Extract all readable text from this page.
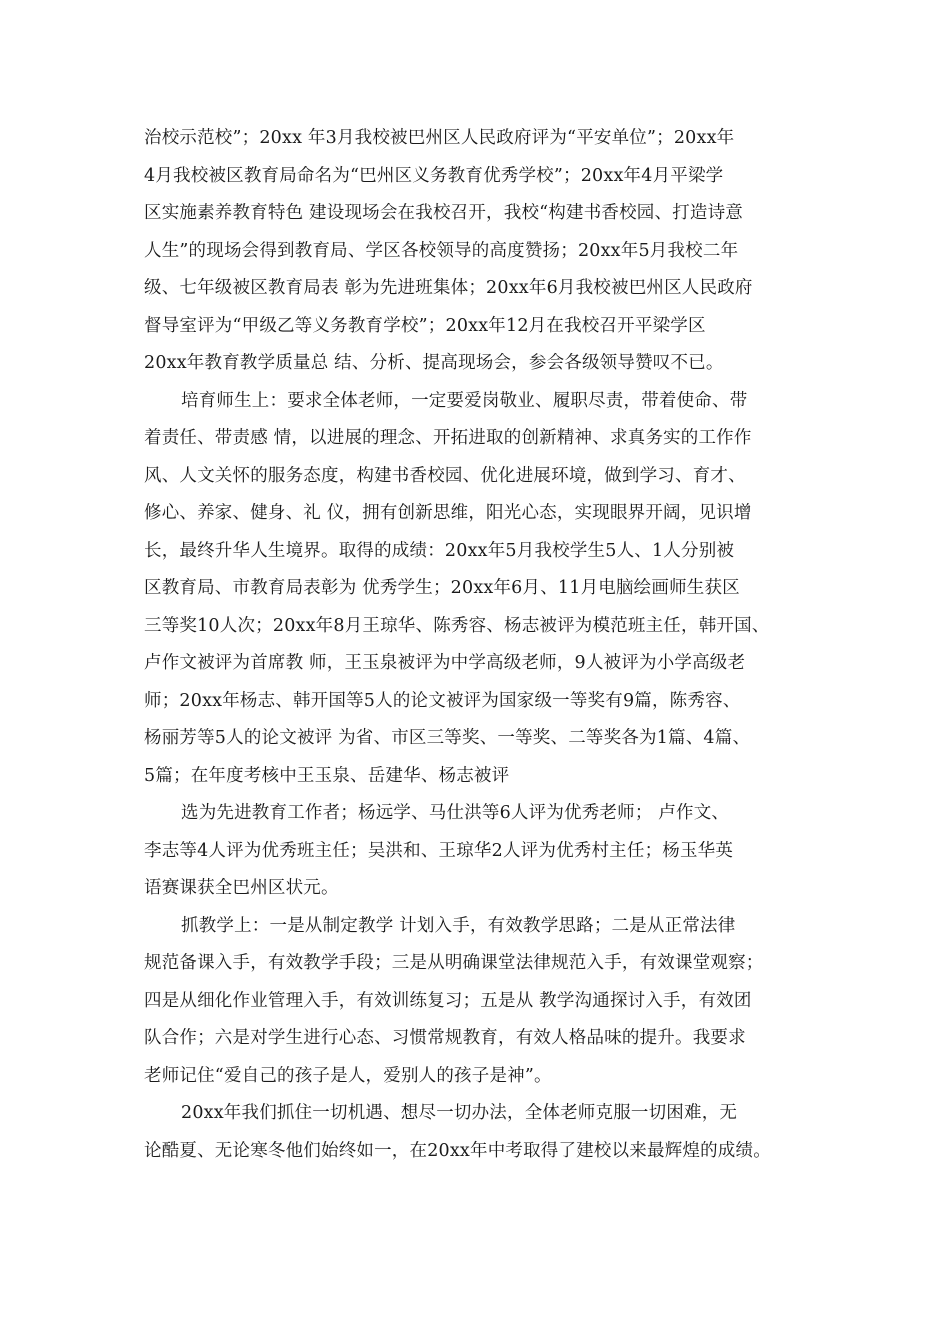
治校示范校”；20xx 年3月我校被巴州区人民政府评为“平安单位”；20xx年
4月我校被区教育局命名为“巴州区义务教育优秀学校”；20xx年4月平梁学
区实施素养教育特色 建设现场会在我校召开，我校“构建书香校园、打造诗意
人生”的现场会得到教育局、学区各校领导的高度赞扬；20xx年5月我校二年
级、七年级被区教育局表 彰为先进班集体；20xx年6月我校被巴州区人民政府
督导室评为“甲级乙等义务教育学校”；20xx年12月在我校召开平梁学区
20xx年教育教学质量总 结、分析、提高现场会，参会各级领导赞叹不已。
培育师生上：要求全体老师，一定要爱岗敬业、履职尽责，带着使命、带
着责任、带责感 情，以进展的理念、开拓进取的创新精神、求真务实的工作作
风、人文关怀的服务态度，构建书香校园、优化进展环境，做到学习、育才、
修心、养家、健身、礼 仪，拥有创新思维，阳光心态，实现眼界开阔，见识增
长，最终升华人生境界。取得的成绩：20xx年5月我校学生5人、1人分别被
区教育局、市教育局表彰为 优秀学生；20xx年6月、11月电脑绘画师生获区
三等奖10人次；20xx年8月王琼华、陈秀容、杨志被评为模范班主任，韩开国、
卢作文被评为首席教 师，王玉泉被评为中学高级老师，9人被评为小学高级老
师；20xx年杨志、韩开国等5人的论文被评为国家级一等奖有9篇，陈秀容、
杨丽芳等5人的论文被评 为省、市区三等奖、一等奖、二等奖各为1篇、4篇、
5篇；在年度考核中王玉泉、岳建华、杨志被评
选为先进教育工作者；杨远学、马仕洪等6人评为优秀老师； 卢作文、
李志等4人评为优秀班主任；吴洪和、王琼华2人评为优秀村主任；杨玉华英
语赛课获全巴州区状元。
抓教学上：一是从制定教学 计划入手，有效教学思路；二是从正常法律
规范备课入手，有效教学手段；三是从明确课堂法律规范入手，有效课堂观察；
四是从细化作业管理入手，有效训练复习；五是从 教学沟通探讨入手，有效团
队合作；六是对学生进行心态、习惯常规教育，有效人格品味的提升。我要求
老师记住“爱自己的孩子是人，爱别人的孩子是神”。
20xx年我们抓住一切机遇、想尽一切办法，全体老师克服一切困难，无
论酷夏、无论寒冬他们始终如一，在20xx年中考取得了建校以来最辉煌的成绩。
